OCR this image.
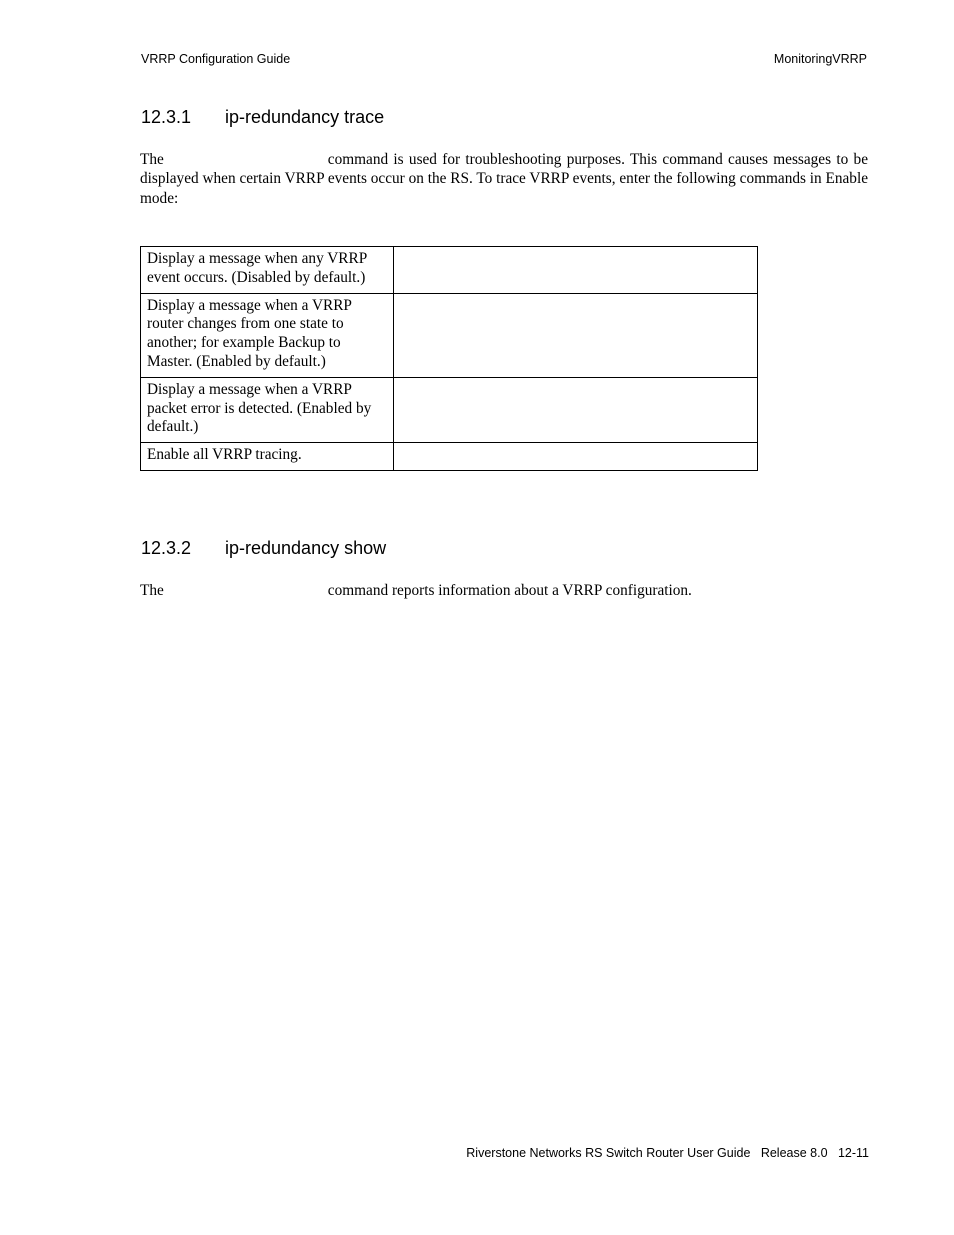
VRRP Configuration Guide	MonitoringVRRP
12.3.1 ip-redundancy trace
The	command is used for troubleshooting purposes. This command causes messages to be displayed when certain VRRP events occur on the RS. To trace VRRP events, enter the following commands in Enable mode:
Display a message when any VRRP event occurs. (Disabled by default.)	

Display a message when a VRRP router changes from one state to another; for example Backup to Master. (Enabled by default.)	

Display a message when a VRRP packet error is detected. (Enabled by default.)	

Enable all VRRP tracing.	

12.3.2 ip-redundancy show
The	command reports information about a VRRP configuration.
Riverstone Networks RS Switch Router User Guide   Release 8.0   12-11
